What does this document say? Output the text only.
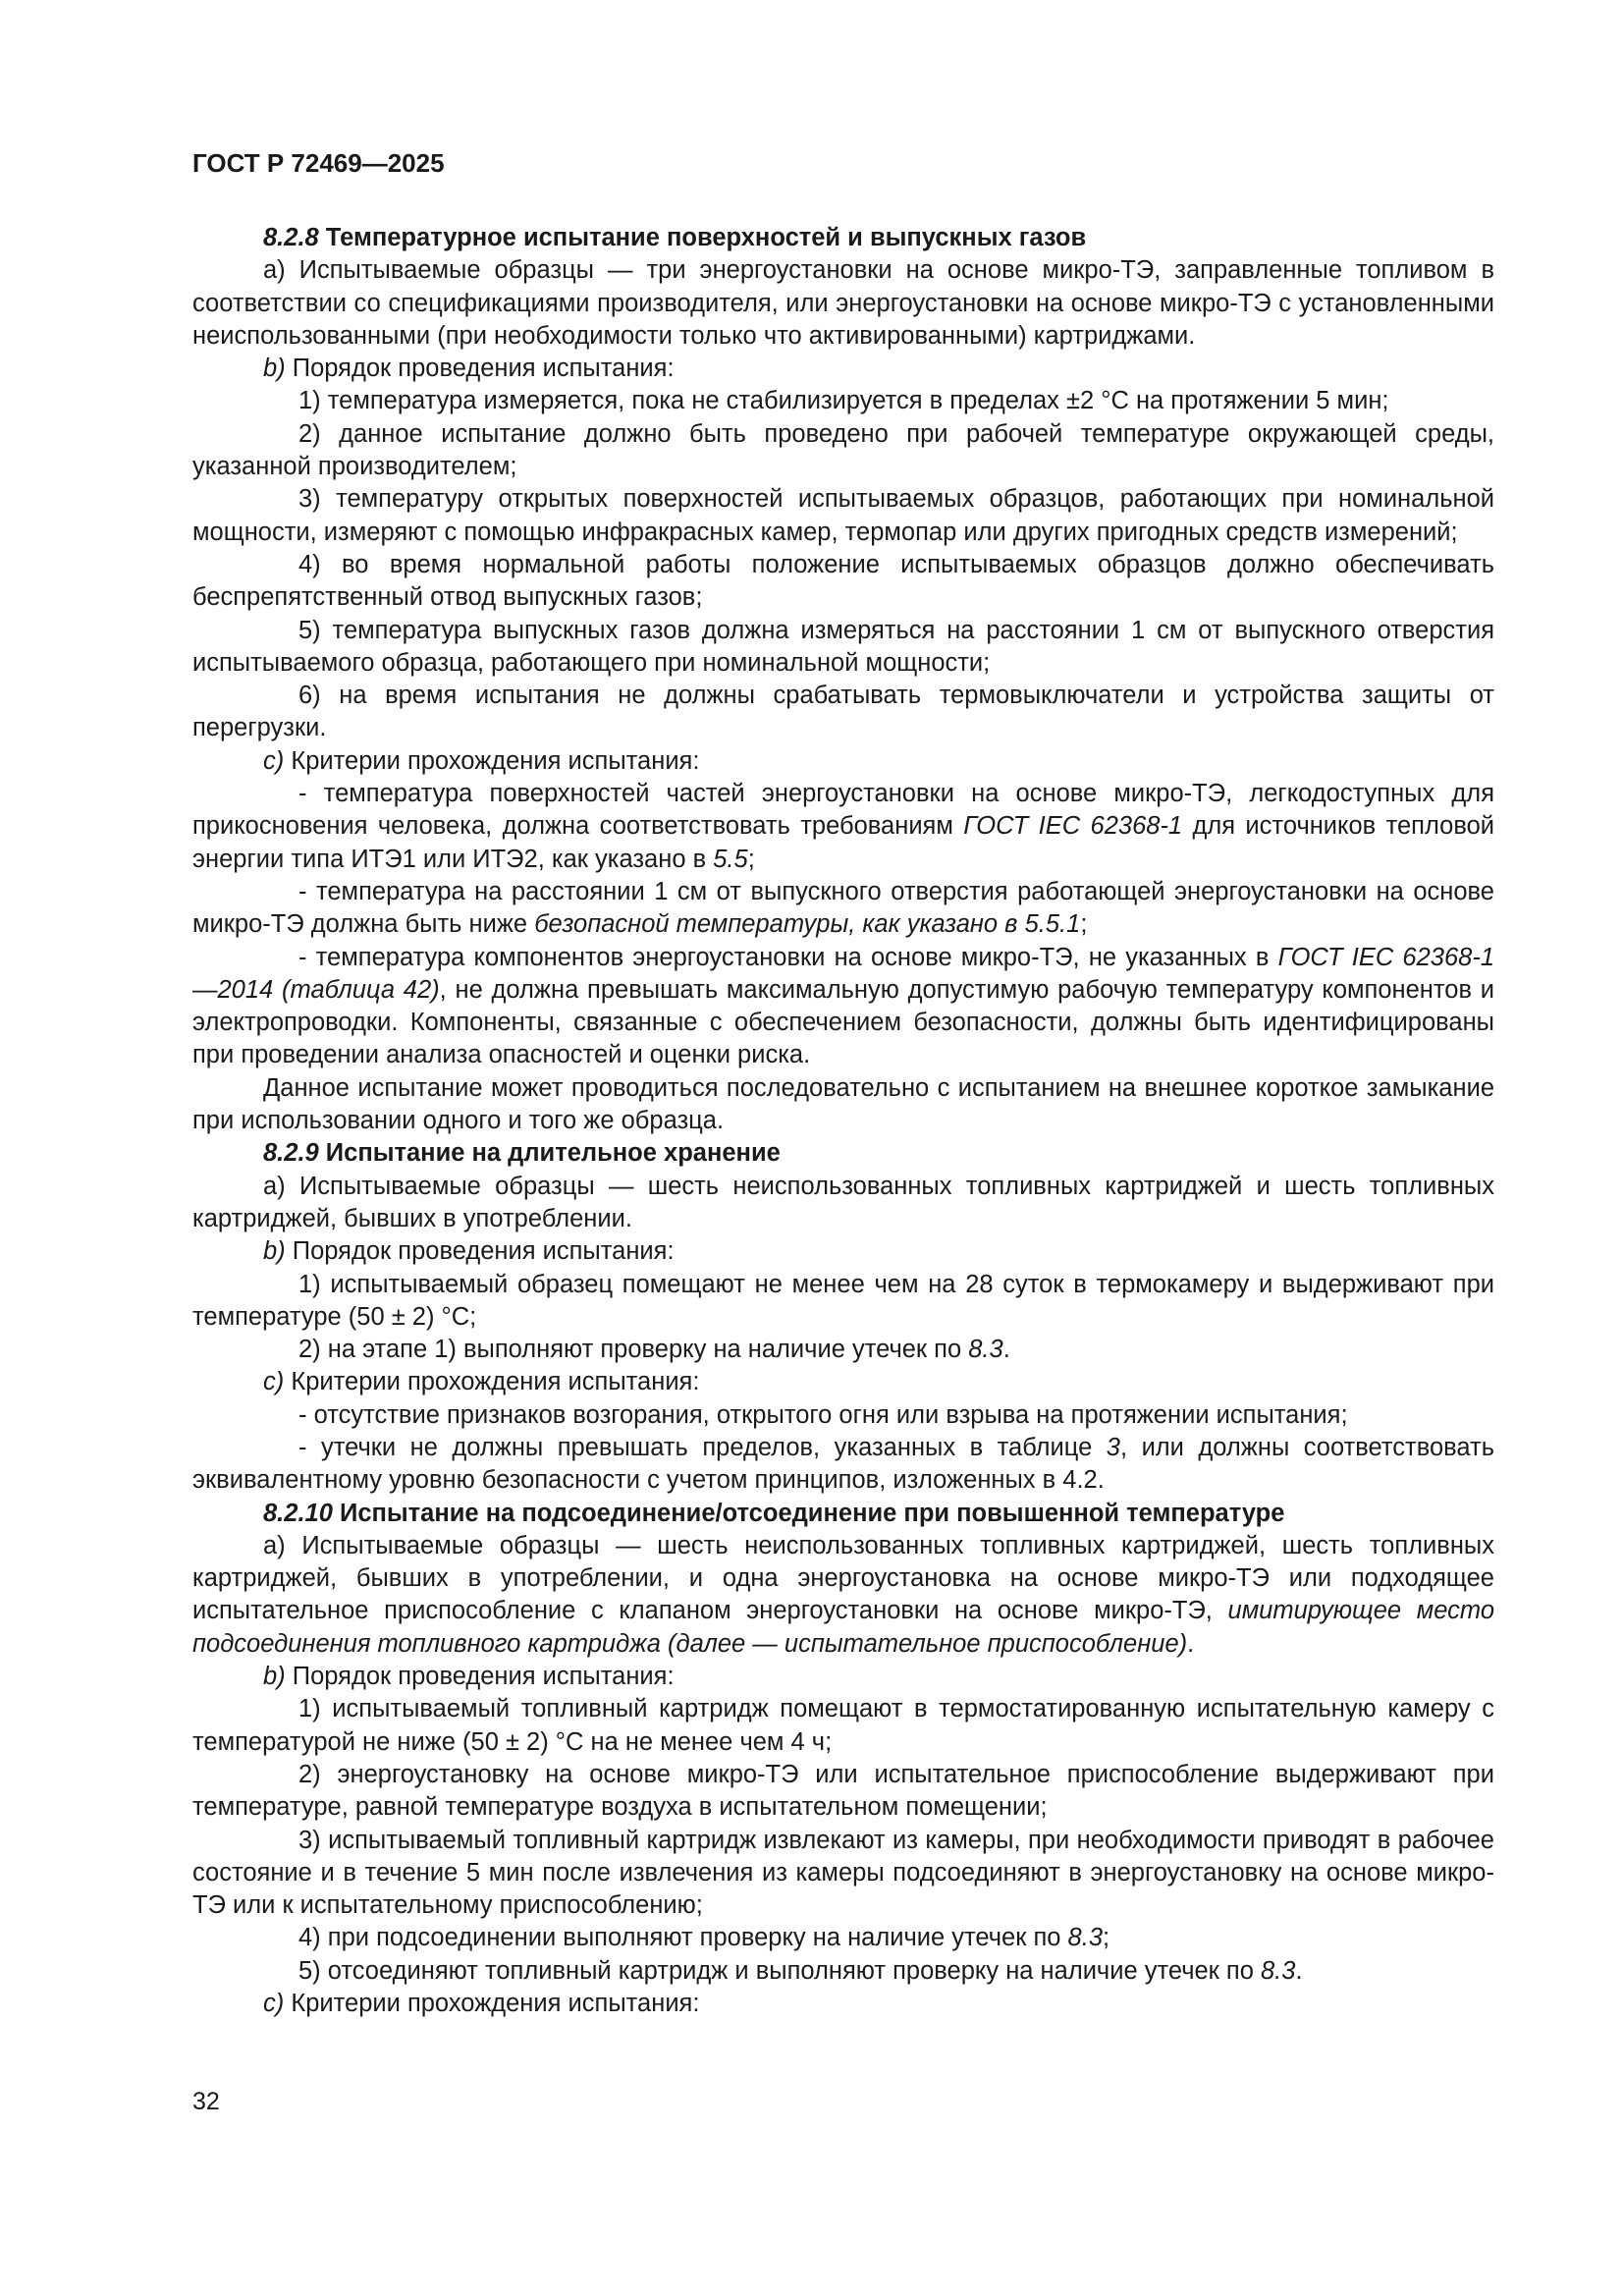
ГОСТ Р 72469—2025
8.2.8 Температурное испытание поверхностей и выпускных газов

а) Испытываемые образцы — три энергоустановки на основе микро-ТЭ, заправленные топливом в соответствии со спецификациями производителя, или энергоустановки на основе микро-ТЭ с установленными неиспользованными (при необходимости только что активированными) картриджами.

b) Порядок проведения испытания:

1) температура измеряется, пока не стабилизируется в пределах ±2 °С на протяжении 5 мин;

2) данное испытание должно быть проведено при рабочей температуре окружающей среды, указанной производителем;

3) температуру открытых поверхностей испытываемых образцов, работающих при номинальной мощности, измеряют с помощью инфракрасных камер, термопар или других пригодных средств измерений;

4) во время нормальной работы положение испытываемых образцов должно обеспечивать беспрепятственный отвод выпускных газов;

5) температура выпускных газов должна измеряться на расстоянии 1 см от выпускного отверстия испытываемого образца, работающего при номинальной мощности;

6) на время испытания не должны срабатывать термовыключатели и устройства защиты от перегрузки.

с) Критерии прохождения испытания:

- температура поверхностей частей энергоустановки на основе микро-ТЭ, легкодоступных для прикосновения человека, должна соответствовать требованиям ГОСТ IEC 62368-1 для источников тепловой энергии типа ИТЭ1 или ИТЭ2, как указано в 5.5;

- температура на расстоянии 1 см от выпускного отверстия работающей энергоустановки на основе микро-ТЭ должна быть ниже безопасной температуры, как указано в 5.5.1;

- температура компонентов энергоустановки на основе микро-ТЭ, не указанных в ГОСТ IEC 62368-1—2014 (таблица 42), не должна превышать максимальную допустимую рабочую температуру компонентов и электропроводки. Компоненты, связанные с обеспечением безопасности, должны быть идентифицированы при проведении анализа опасностей и оценки риска.

Данное испытание может проводиться последовательно с испытанием на внешнее короткое замыкание при использовании одного и того же образца.

8.2.9 Испытание на длительное хранение

а) Испытываемые образцы — шесть неиспользованных топливных картриджей и шесть топливных картриджей, бывших в употреблении.

b) Порядок проведения испытания:

1) испытываемый образец помещают не менее чем на 28 суток в термокамеру и выдерживают при температуре (50 ± 2) °С;

2) на этапе 1) выполняют проверку на наличие утечек по 8.3.

с) Критерии прохождения испытания:

- отсутствие признаков возгорания, открытого огня или взрыва на протяжении испытания;

- утечки не должны превышать пределов, указанных в таблице 3, или должны соответствовать эквивалентному уровню безопасности с учетом принципов, изложенных в 4.2.

8.2.10 Испытание на подсоединение/отсоединение при повышенной температуре

а) Испытываемые образцы — шесть неиспользованных топливных картриджей, шесть топливных картриджей, бывших в употреблении, и одна энергоустановка на основе микро-ТЭ или подходящее испытательное приспособление с клапаном энергоустановки на основе микро-ТЭ, имитирующее место подсоединения топливного картриджа (далее — испытательное приспособление).

b) Порядок проведения испытания:

1) испытываемый топливный картридж помещают в термостатированную испытательную камеру с температурой не ниже (50 ± 2) °С на не менее чем 4 ч;

2) энергоустановку на основе микро-ТЭ или испытательное приспособление выдерживают при температуре, равной температуре воздуха в испытательном помещении;

3) испытываемый топливный картридж извлекают из камеры, при необходимости приводят в рабочее состояние и в течение 5 мин после извлечения из камеры подсоединяют в энергоустановку на основе микро-ТЭ или к испытательному приспособлению;

4) при подсоединении выполняют проверку на наличие утечек по 8.3;

5) отсоединяют топливный картридж и выполняют проверку на наличие утечек по 8.3.

с) Критерии прохождения испытания:

32
